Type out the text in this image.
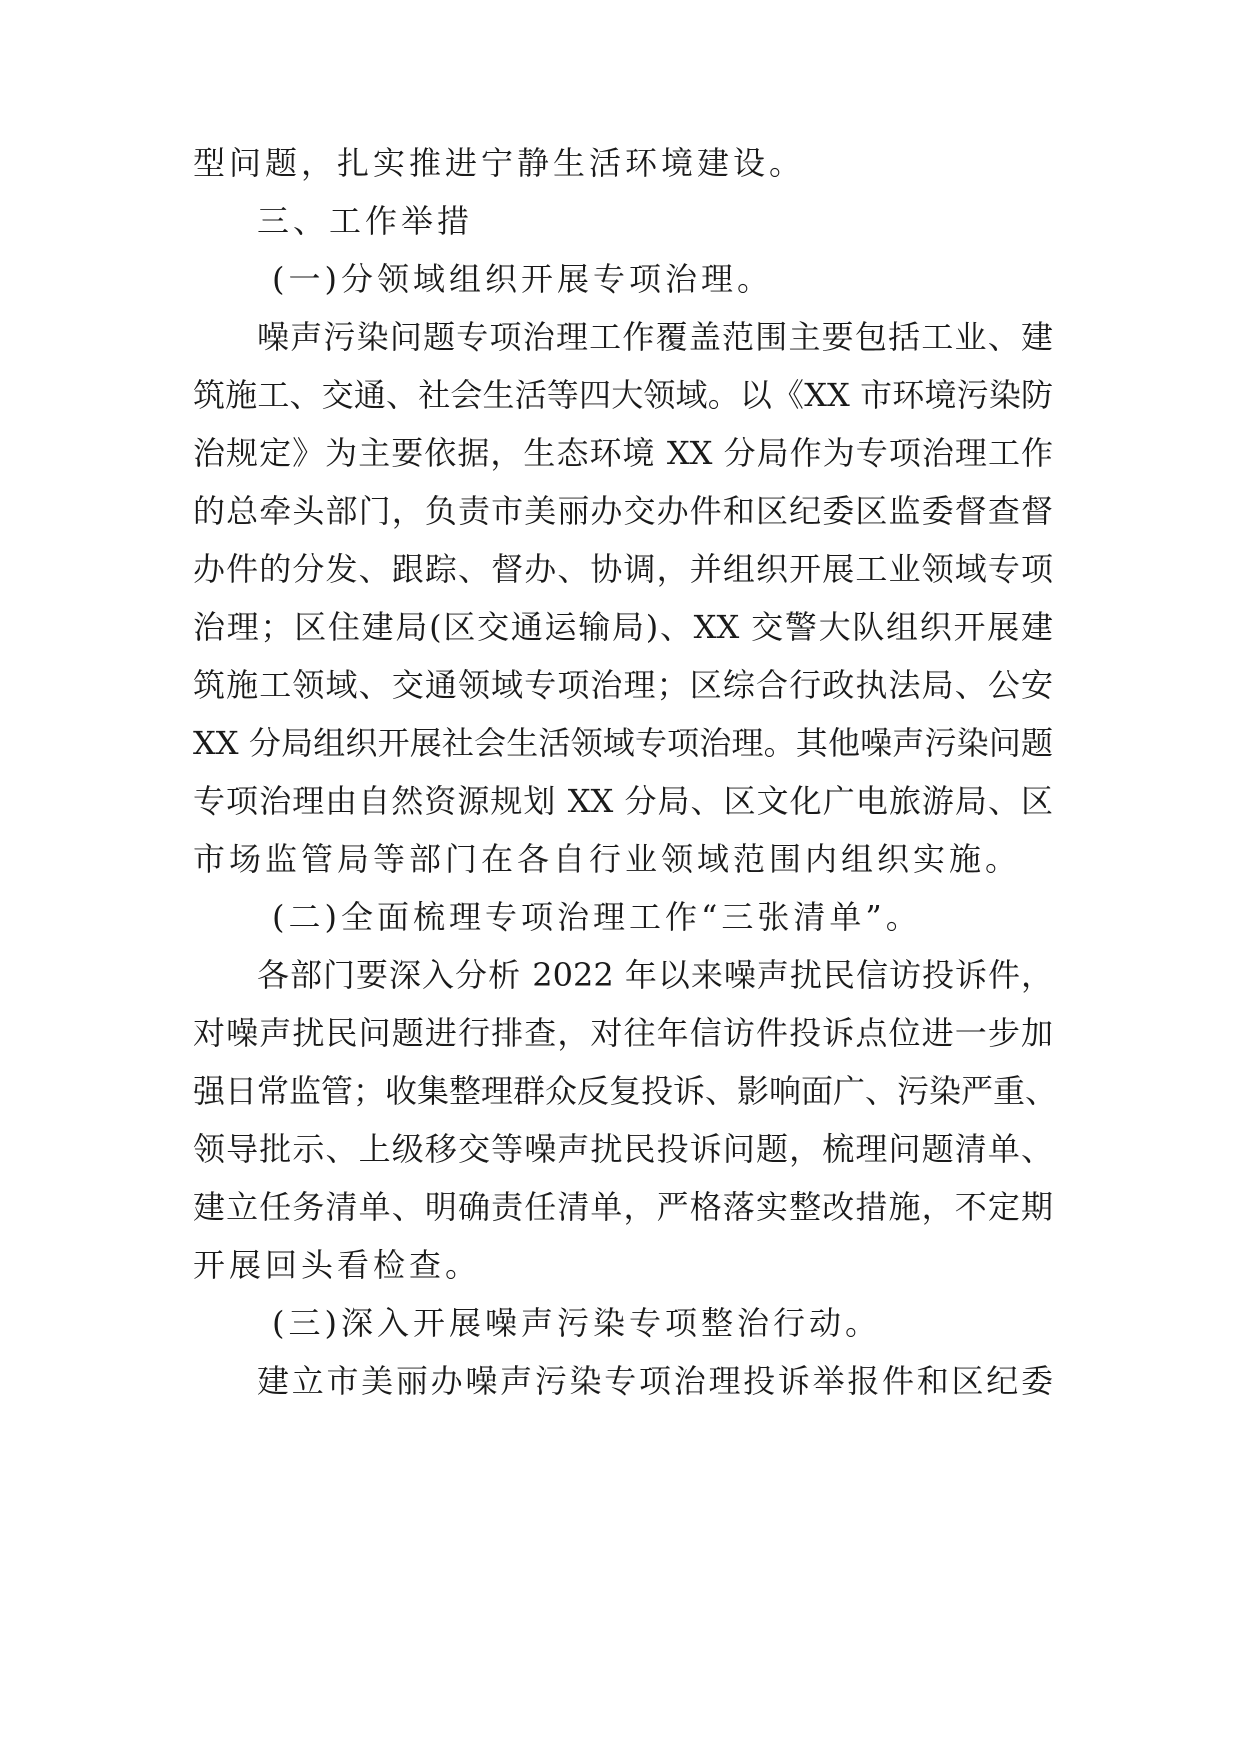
型问题，扎实推进宁静生活环境建设。
三、工作举措
(一)分领域组织开展专项治理。
噪声污染问题专项治理工作覆盖范围主要包括工业、建
筑施工、交通、社会生活等四大领域。以《XX 市环境污染防
治规定》为主要依据，生态环境 XX 分局作为专项治理工作
的总牵头部门，负责市美丽办交办件和区纪委区监委督查督
办件的分发、跟踪、督办、协调，并组织开展工业领域专项
治理；区住建局(区交通运输局)、XX 交警大队组织开展建
筑施工领域、交通领域专项治理；区综合行政执法局、公安
XX 分局组织开展社会生活领域专项治理。其他噪声污染问题
专项治理由自然资源规划 XX 分局、区文化广电旅游局、区
市场监管局等部门在各自行业领域范围内组织实施。
(二)全面梳理专项治理工作“三张清单”。
各部门要深入分析 2022 年以来噪声扰民信访投诉件，
对噪声扰民问题进行排查，对往年信访件投诉点位进一步加
强日常监管；收集整理群众反复投诉、影响面广、污染严重、
领导批示、上级移交等噪声扰民投诉问题，梳理问题清单、
建立任务清单、明确责任清单，严格落实整改措施，不定期
开展回头看检查。
(三)深入开展噪声污染专项整治行动。
建立市美丽办噪声污染专项治理投诉举报件和区纪委
